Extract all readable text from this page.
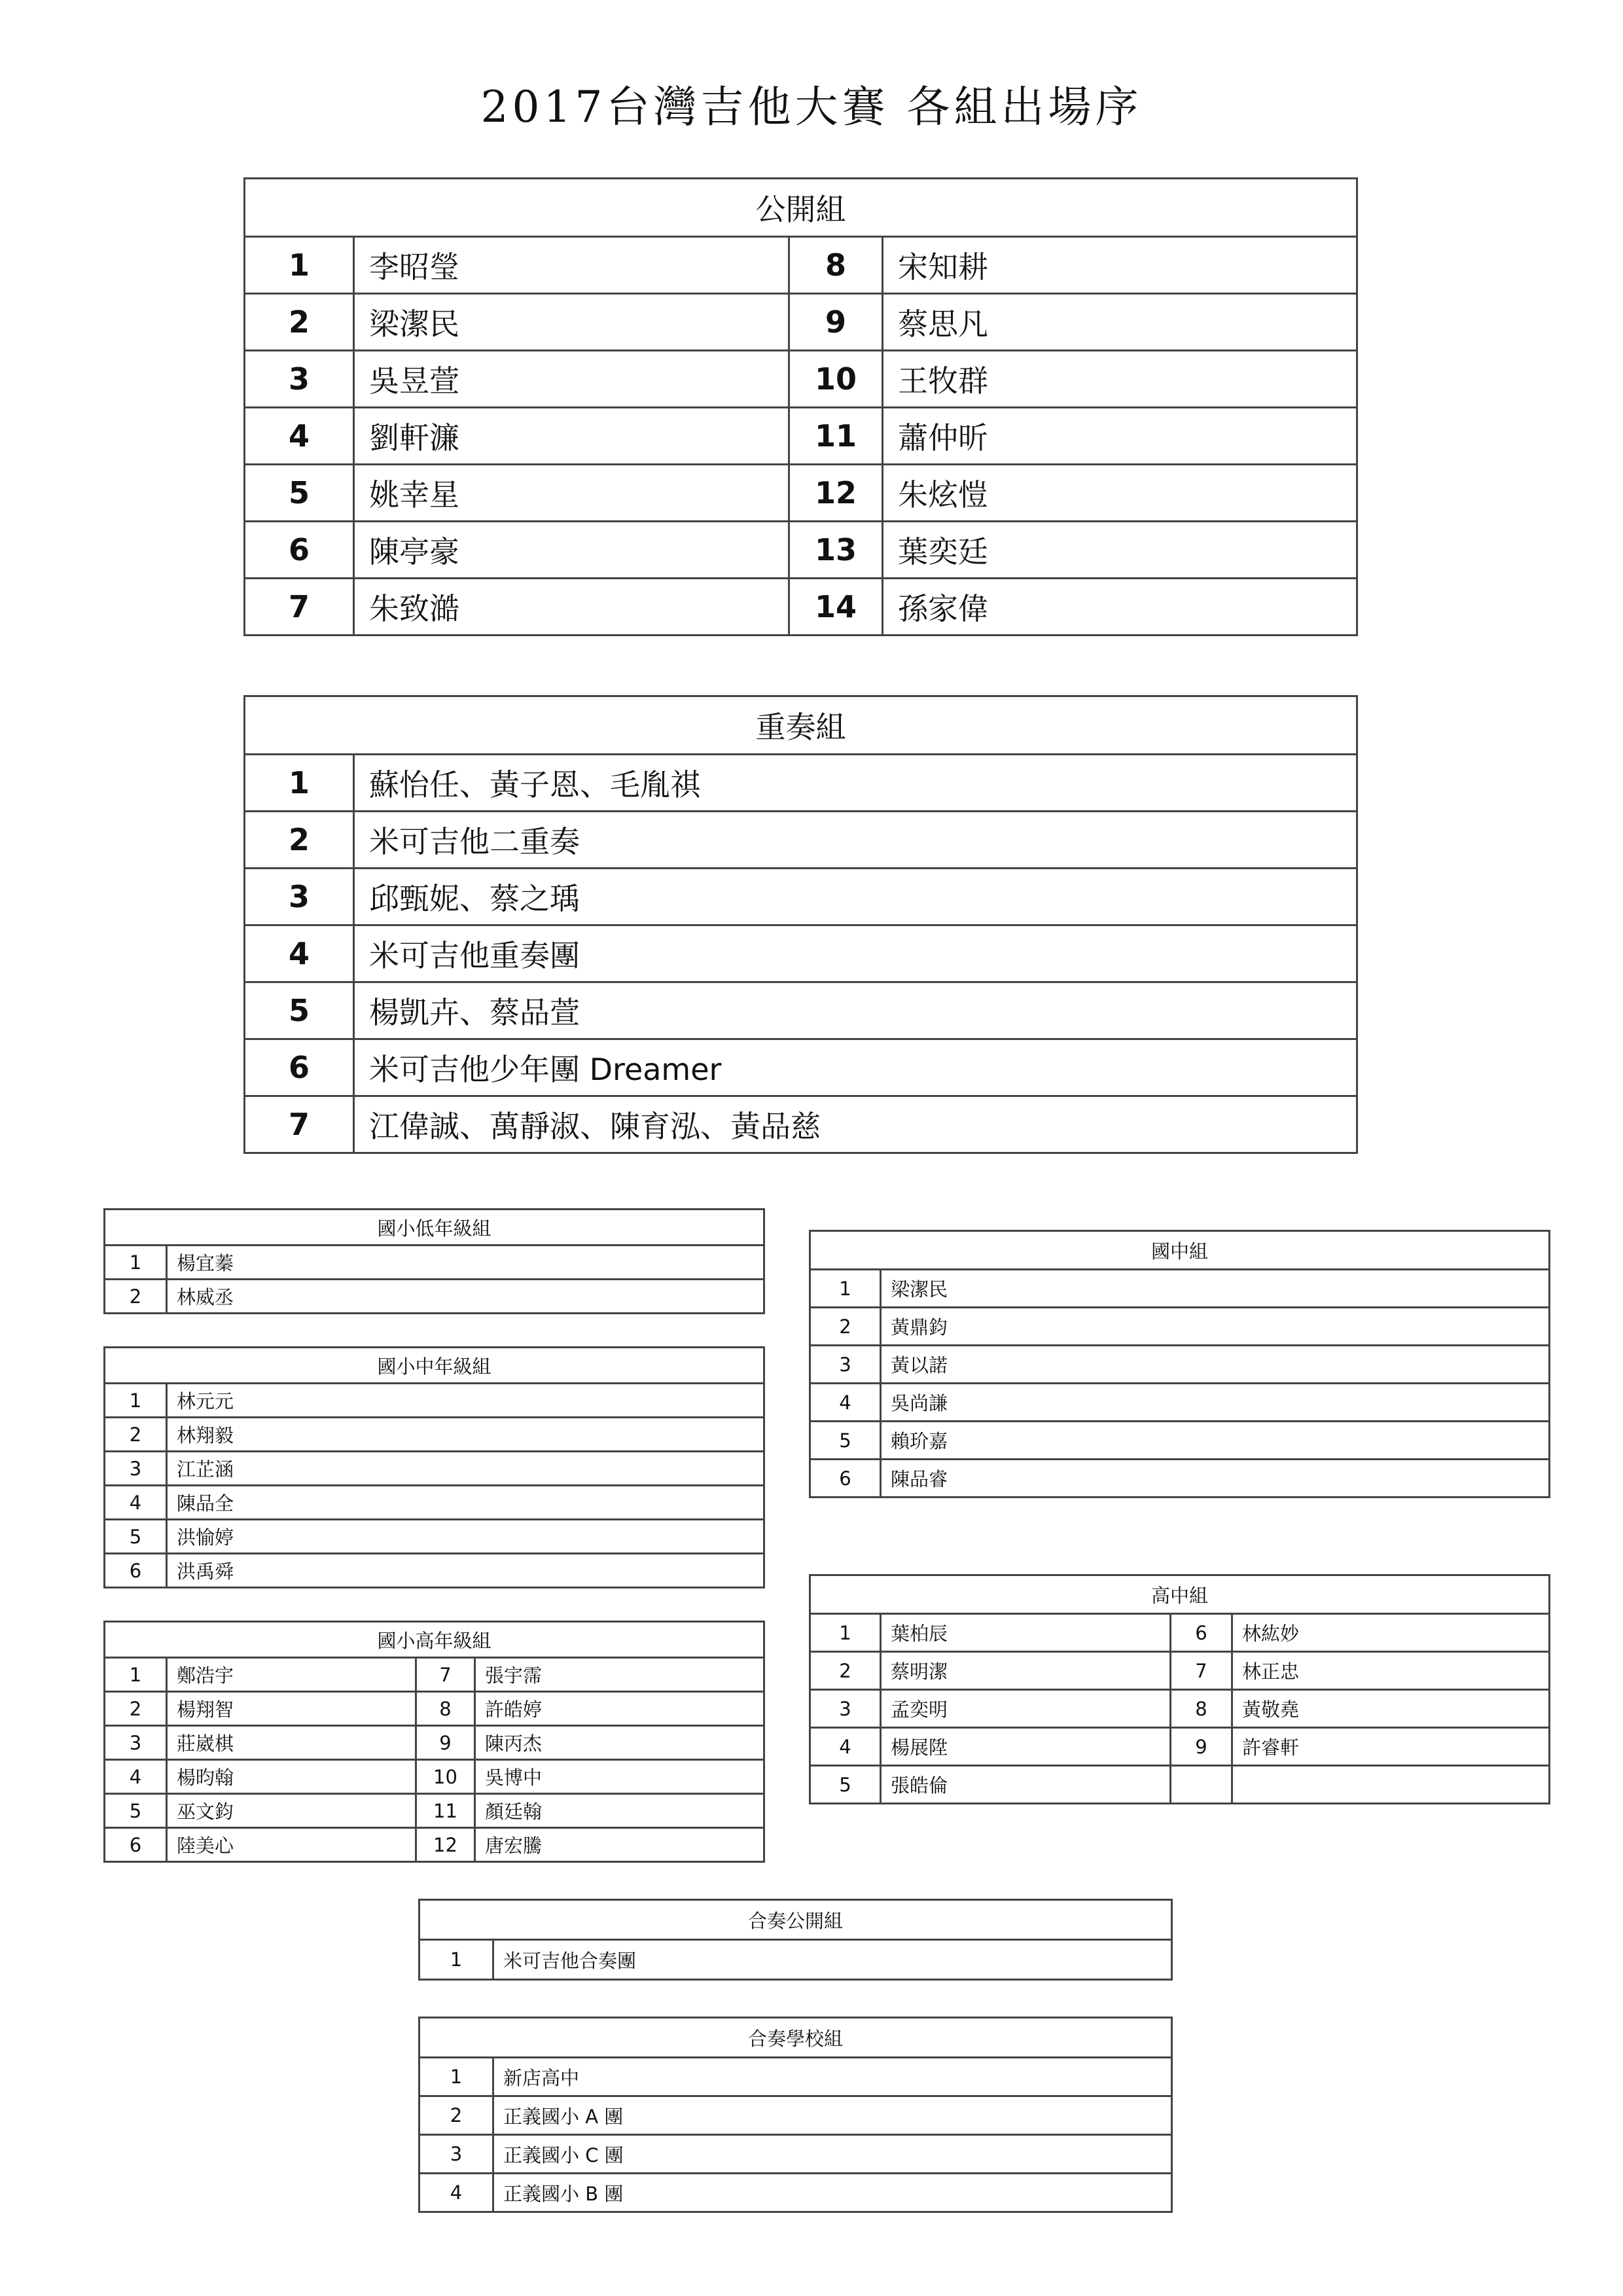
2017台灣吉他大賽 各組出場序
公開組			
1	李昭瑩	8	宋知耕
2	梁潔民	9	蔡思凡
3	吳昱萱	10	王牧群
4	劉軒濂	11	蕭仲昕
5	姚幸星	12	朱炫愷
6	陳亭豪	13	葉奕廷
7	朱致澔	14	孫家偉
重奏組	
1	蘇怡任、黃子恩、毛胤祺
2	米可吉他二重奏
3	邱甄妮、蔡之瑀
4	米可吉他重奏團
5	楊凱卉、蔡品萱
6	米可吉他少年團 Dreamer
7	江偉誠、萬靜淑、陳育泓、黃品慈
國小低年級組	
1	楊宜蓁
2	林威丞
國小中年級組	
1	林元元
2	林翔毅
3	江芷涵
4	陳品全
5	洪愉婷
6	洪禹舜
國小高年級組			
1	鄭浩宇	7	張宇霈
2	楊翔智	8	許皓婷
3	莊崴棋	9	陳丙杰
4	楊昀翰	10	吳博中
5	巫文鈞	11	顏廷翰
6	陸美心	12	唐宏騰
國中組	
1	梁潔民
2	黃鼎鈞
3	黃以諾
4	吳尚謙
5	賴玠嘉
6	陳品睿
高中組			
1	葉柏辰	6	林紘妙
2	蔡明潔	7	林正忠
3	孟奕明	8	黃敬堯
4	楊展陞	9	許睿軒
5	張皓倫		
合奏公開組
1	米可吉他合奏團
合奏學校組	
1	新店高中
2	正義國小 A 團
3	正義國小 C 團
4	正義國小 B 團
